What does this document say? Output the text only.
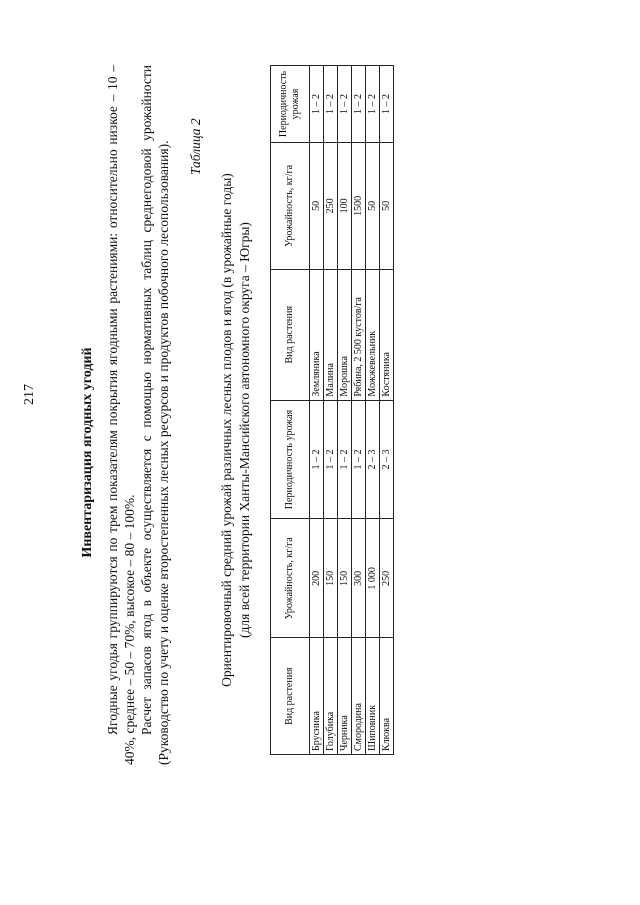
217	Инвентаризация ягодных угодий Ягодные угодья группируются по трем показателям покрытия ягодными растениями: относительно низкое – 10 – 40%, среднее – 50 – 70%, высокое – 80 – 100%. Расчет запасов ягод в объекте осуществляется с помощью нормативных таблиц среднегодовой урожайности (Руководство по учету и оценке второстепенных лесных ресурсов и продуктов побочного лесопользования). Таблица 2
Ориентировочный средний урожай различных лесных плодов и ягод (в урожайные годы) (для всей территории Ханты-Мансийского автономного округа – Югры)
Вид растения	Урожайность, кг/га	Периодичность урожая	Вид растения	Урожайность, кг/га	Периодичность урожая
Брусника	200	1 – 2	Земляника	50	1 – 2
Голубика	150	1 – 2	Малина	250	1 – 2
Черника	150	1 – 2	Морошка	100	1 – 2
Смородина	300	1 – 2	Рябина, 2 500 кустов/га	1500	1 – 2
Шиповник	1 000	2 – 3	Можжевельник	50	1 – 2
Клюква	250	2 – 3	Костяника	50	1 – 2
